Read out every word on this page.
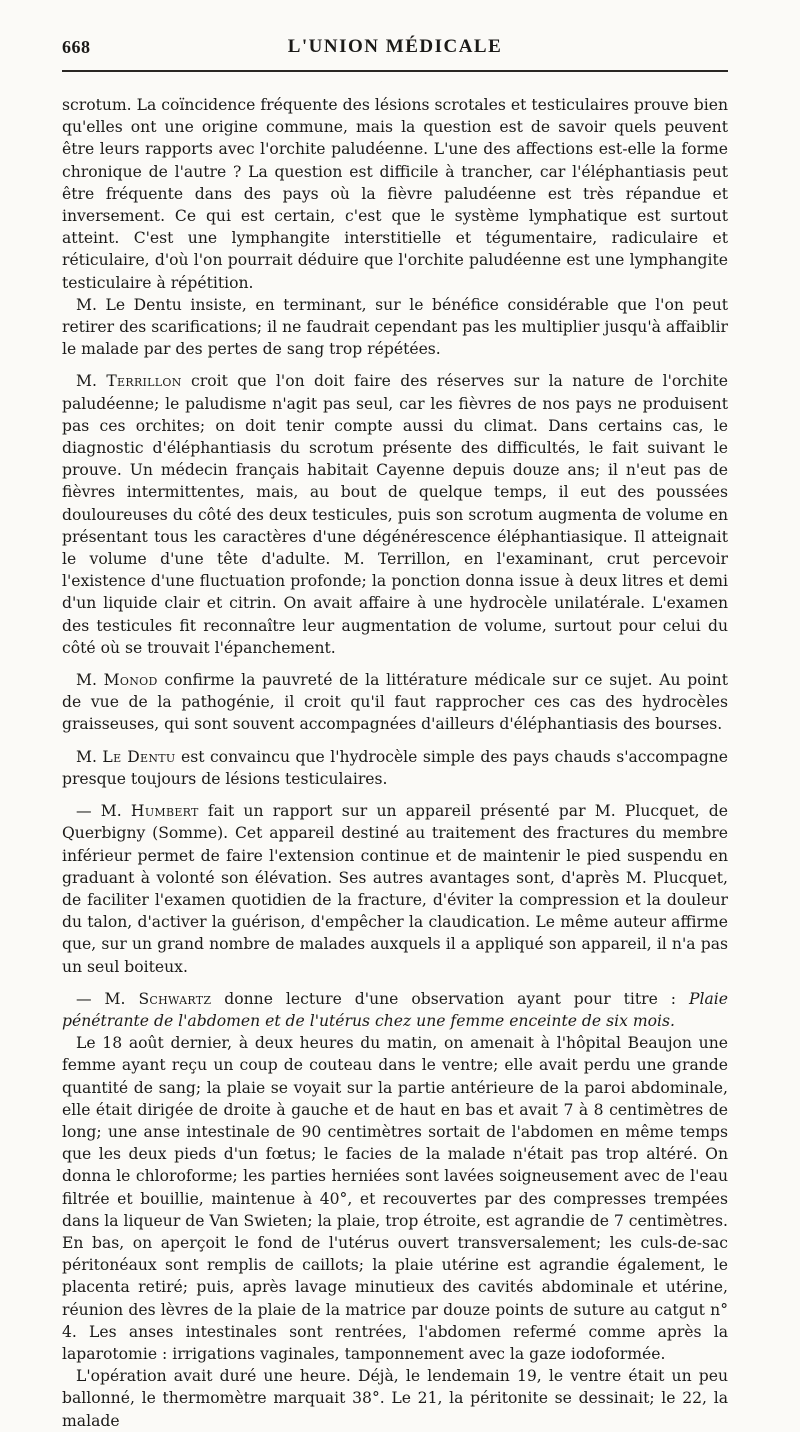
668	L'UNION MÉDICALE

scrotum. La coïncidence fréquente des lésions scrotales et testiculaires prouve bien qu'elles ont une origine commune, mais la question est de savoir quels peuvent être leurs rapports avec l'orchite paludéenne. L'une des affections est-elle la forme chronique de l'autre ? La question est difficile à trancher, car l'éléphantiasis peut être fréquente dans des pays où la fièvre paludéenne est très répandue et inversement. Ce qui est certain, c'est que le système lymphatique est surtout atteint. C'est une lymphangite interstitielle et tégumentaire, radiculaire et réticulaire, d'où l'on pourrait déduire que l'orchite paludéenne est une lymphangite testiculaire à répétition.

M. Le Dentu insiste, en terminant, sur le bénéfice considérable que l'on peut retirer des scarifications; il ne faudrait cependant pas les multiplier jusqu'à affaiblir le malade par des pertes de sang trop répétées.

M. Terrillon croit que l'on doit faire des réserves sur la nature de l'orchite paludéenne; le paludisme n'agit pas seul, car les fièvres de nos pays ne produisent pas ces orchites; on doit tenir compte aussi du climat. Dans certains cas, le diagnostic d'éléphantiasis du scrotum présente des difficultés, le fait suivant le prouve. Un médecin français habitait Cayenne depuis douze ans; il n'eut pas de fièvres intermittentes, mais, au bout de quelque temps, il eut des poussées douloureuses du côté des deux testicules, puis son scrotum augmenta de volume en présentant tous les caractères d'une dégénérescence éléphantiasique. Il atteignait le volume d'une tête d'adulte. M. Terrillon, en l'examinant, crut percevoir l'existence d'une fluctuation profonde; la ponction donna issue à deux litres et demi d'un liquide clair et citrin. On avait affaire à une hydrocèle unilatérale. L'examen des testicules fit reconnaître leur augmentation de volume, surtout pour celui du côté où se trouvait l'épanchement.

M. Monod confirme la pauvreté de la littérature médicale sur ce sujet. Au point de vue de la pathogénie, il croit qu'il faut rapprocher ces cas des hydrocèles graisseuses, qui sont souvent accompagnées d'ailleurs d'éléphantiasis des bourses.

M. Le Dentu est convaincu que l'hydrocèle simple des pays chauds s'accompagne presque toujours de lésions testiculaires.

— M. Humbert fait un rapport sur un appareil présenté par M. Plucquet, de Querbigny (Somme). Cet appareil destiné au traitement des fractures du membre inférieur permet de faire l'extension continue et de maintenir le pied suspendu en graduant à volonté son élévation. Ses autres avantages sont, d'après M. Plucquet, de faciliter l'examen quotidien de la fracture, d'éviter la compression et la douleur du talon, d'activer la guérison, d'empêcher la claudication. Le même auteur affirme que, sur un grand nombre de malades auxquels il a appliqué son appareil, il n'a pas un seul boiteux.

— M. Schwartz donne lecture d'une observation ayant pour titre : Plaie pénétrante de l'abdomen et de l'utérus chez une femme enceinte de six mois.

Le 18 août dernier, à deux heures du matin, on amenait à l'hôpital Beaujon une femme ayant reçu un coup de couteau dans le ventre; elle avait perdu une grande quantité de sang; la plaie se voyait sur la partie antérieure de la paroi abdominale, elle était dirigée de droite à gauche et de haut en bas et avait 7 à 8 centimètres de long; une anse intestinale de 90 centimètres sortait de l'abdomen en même temps que les deux pieds d'un fœtus; le facies de la malade n'était pas trop altéré. On donna le chloroforme; les parties herniées sont lavées soigneusement avec de l'eau filtrée et bouillie, maintenue à 40°, et recouvertes par des compresses trempées dans la liqueur de Van Swieten; la plaie, trop étroite, est agrandie de 7 centimètres. En bas, on aperçoit le fond de l'utérus ouvert transversalement; les culs-de-sac péritonéaux sont remplis de caillots; la plaie utérine est agrandie également, le placenta retiré; puis, après lavage minutieux des cavités abdominale et utérine, réunion des lèvres de la plaie de la matrice par douze points de suture au catgut n° 4. Les anses intestinales sont rentrées, l'abdomen refermé comme après la laparotomie : irrigations vaginales, tamponnement avec la gaze iodoformée.

L'opération avait duré une heure. Déjà, le lendemain 19, le ventre était un peu ballonné, le thermomètre marquait 38°. Le 21, la péritonite se dessinait; le 22, la malade
